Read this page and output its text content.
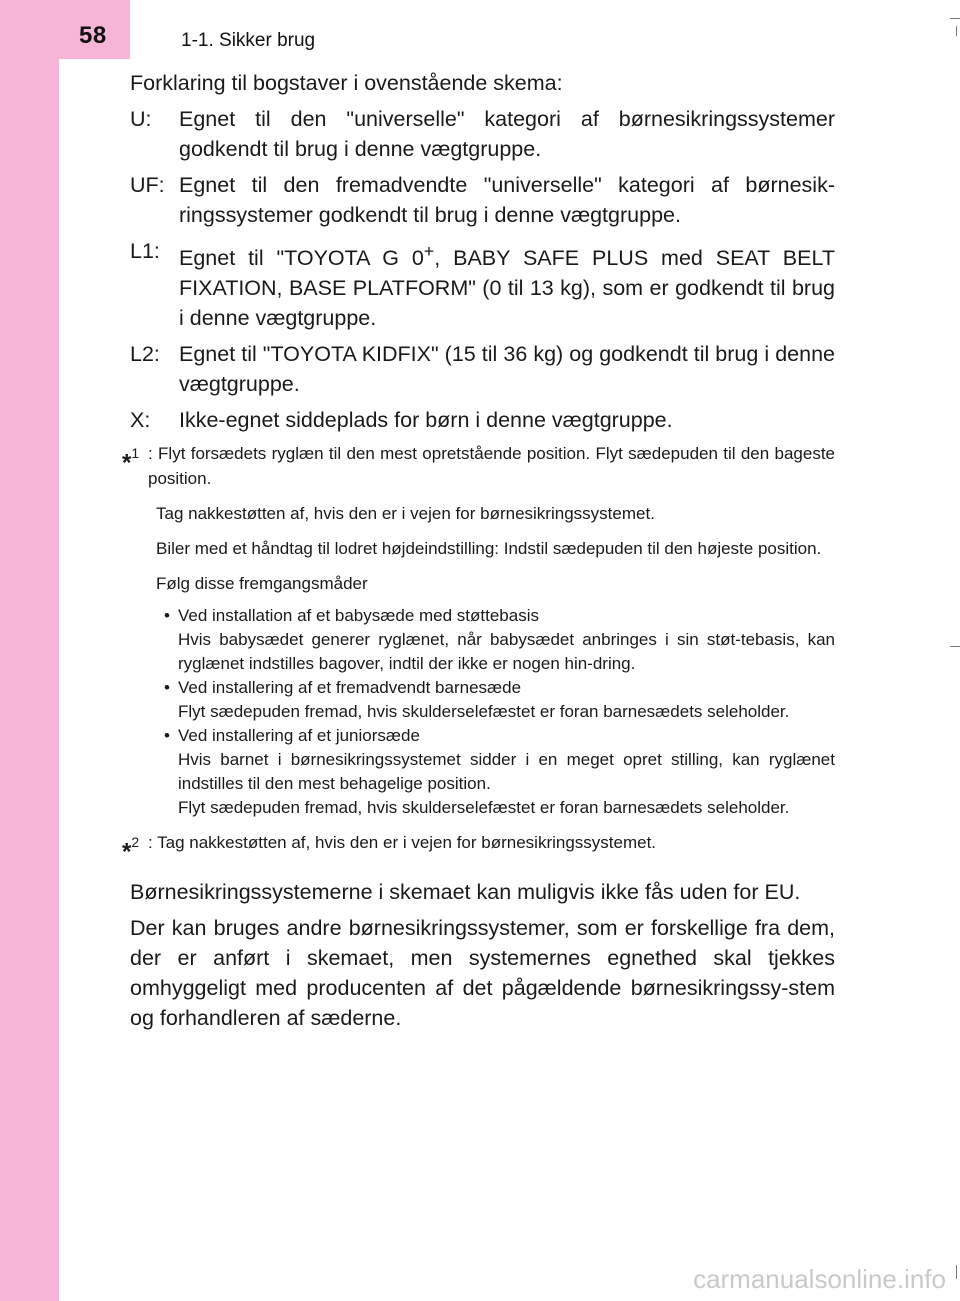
58	1-1. Sikker brug

Forklaring til bogstaver i ovenstående skema:

U:	Egnet til den "universelle" kategori af børnesikringssystemer godkendt til brug i denne vægtgruppe.
UF: Egnet til den fremadvendte "universelle" kategori af børnesik-ringssystemer godkendt til brug i denne vægtgruppe.
L1: Egnet til "TOYOTA G 0+, BABY SAFE PLUS med SEAT BELT FIXATION, BASE PLATFORM" (0 til 13 kg), som er godkendt til brug i denne vægtgruppe.
L2: Egnet til "TOYOTA KIDFIX" (15 til 36 kg) og godkendt til brug i denne vægtgruppe.
X:	Ikke-egnet siddeplads for børn i denne vægtgruppe.
*$^1$ : Flyt forsædets ryglæn til den mest opretstående position. Flyt sædepuden til den bageste position.
Tag nakkestøtten af, hvis den er i vejen for børnesikringssystemet.
Biler med et håndtag til lodret højdeindstilling: Indstil sædepuden til den højeste position.
Følg disse fremgangsmåder
• Ved installation af et babysæde med støttebasis
Hvis babysædet generer ryglænet, når babysædet anbringes i sin støt-tebasis, kan ryglænet indstilles bagover, indtil der ikke er nogen hin-dring.
• Ved installering af et fremadvendt barnesæde
Flyt sædepuden fremad, hvis skulderselefæstet er foran barnesædets seleholder.
• Ved installering af et juniorsæde
Hvis barnet i børnesikringssystemet sidder i en meget opret stilling, kan ryglænet indstilles til den mest behagelige position.
Flyt sædepuden fremad, hvis skulderselefæstet er foran barnesædets seleholder.
*$^2$ : Tag nakkestøtten af, hvis den er i vejen for børnesikringssystemet.

Børnesikringssystemerne i skemaet kan muligvis ikke fås uden for EU.

Der kan bruges andre børnesikringssystemer, som er forskellige fra dem, der er anført i skemaet, men systemernes egnethed skal tjekkes omhyggeligt med producenten af det pågældende børnesikringssy-stem og forhandleren af sæderne.

carmanualsonline.info
